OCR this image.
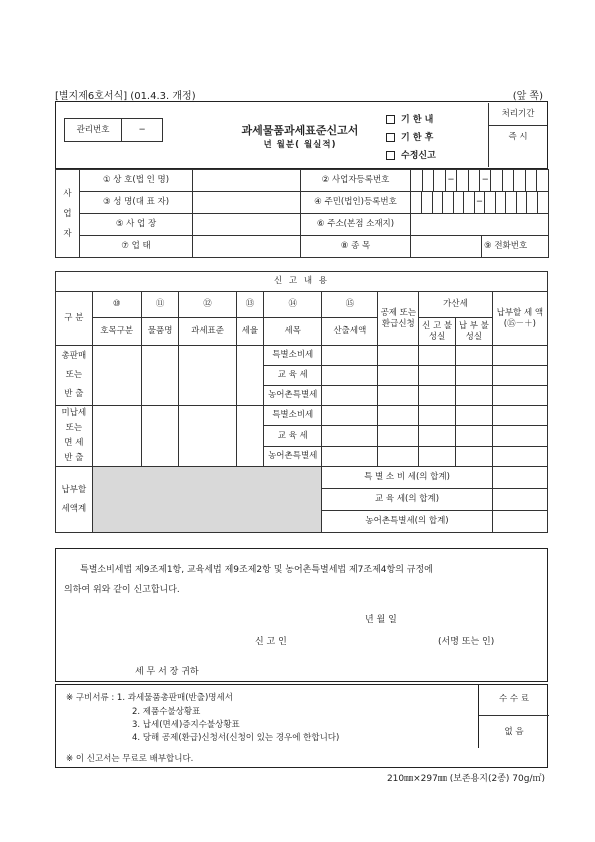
[별지제6호서식] (01.4.3. 개정)	(앞 쪽)
관리번호	─	과세물품과세표준신고서
년 월분( 월실적)
기 한 내
기 한 후
수정신고
처리기간
즉 시
사
업
자
	① 상 호(법 인 명)		② 사업자등록번호	
				─			─					

③ 성 명(대 표 자)		④ 주민(법인)등록번호	
							─						

⑤ 사 업 장		⑥ 주소(본점 소재지)	
⑦ 업 태		⑧ 종 목		⑨ 전화번호
신 고 내 용										
구 분	⑩	⑪	⑫	⑬	⑭	⑮	공제 또는 환급신청	가산세		납부할 세 액 (⑮－＋)
	호목구분	물품명	과세표준	세율	세목	산출세액		신 고 불성실	납 부 불성실	

총판매
또는
반 출					특별소비세					
					교 육 세					
					농어촌특별세					

미납세
또는
면 세
반 출					특별소비세					
					교 육 세					
					농어촌특별세					

납부할
세액계						특 별 소 비 세(의 합계)				
						교 육 세(의 합계)				
						농어촌특별세(의 합계)				
특별소비세법 제9조제1항, 교육세법 제9조제2항 및 농어촌특별세법 제7조제4항의 규정에
의하여 위와 같이 신고합니다.
년 월 일
신 고 인	(서명 또는 인)
세 무 서 장 귀하
※ 구비서류 : 1. 과세물품총판매(반출)명세서
2. 제품수불상황표
3. 납세(면세)증지수불상황표
4. 당해 공제(환급)신청서(신청이 있는 경우에 한합니다)
※ 이 신고서는 무료로 배부합니다.
수 수 료
없 음
210㎜×297㎜ (보존용지(2종) 70g/㎡)
